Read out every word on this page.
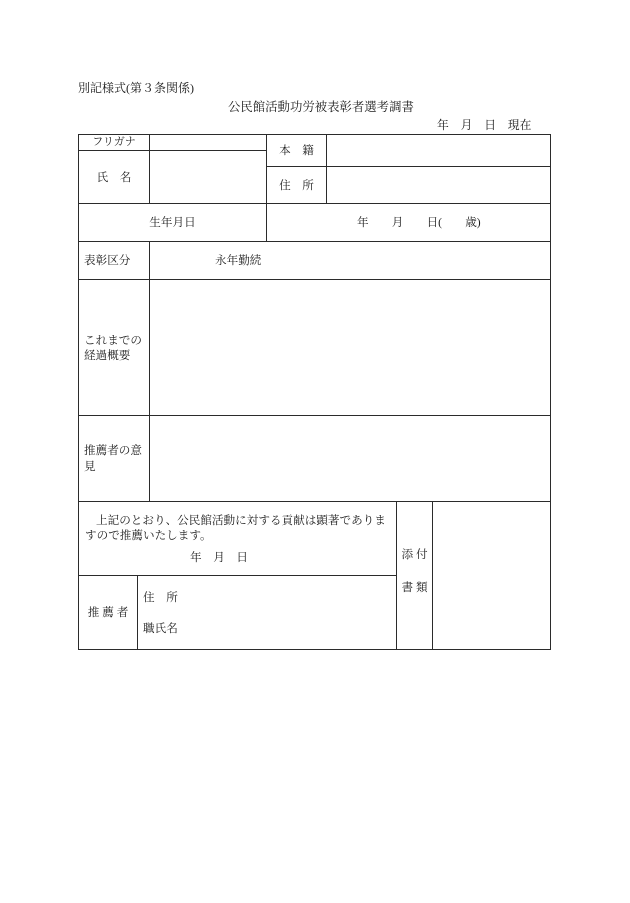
別記様式(第３条関係)
公民館活動功労被表彰者選考調書
年　月　日　現在
フリガナ
氏　名
本　籍
住　所
生年月日	年　　月　　日(　　歳)
表彰区分	永年勤続
これまでの
経過概要
推薦者の意
見
上記のとおり、公民館活動に対する貢献は顕著でありま
すので推薦いたします。
年　月　日
推 薦 者
住　所
職氏名
添 付
書 類
